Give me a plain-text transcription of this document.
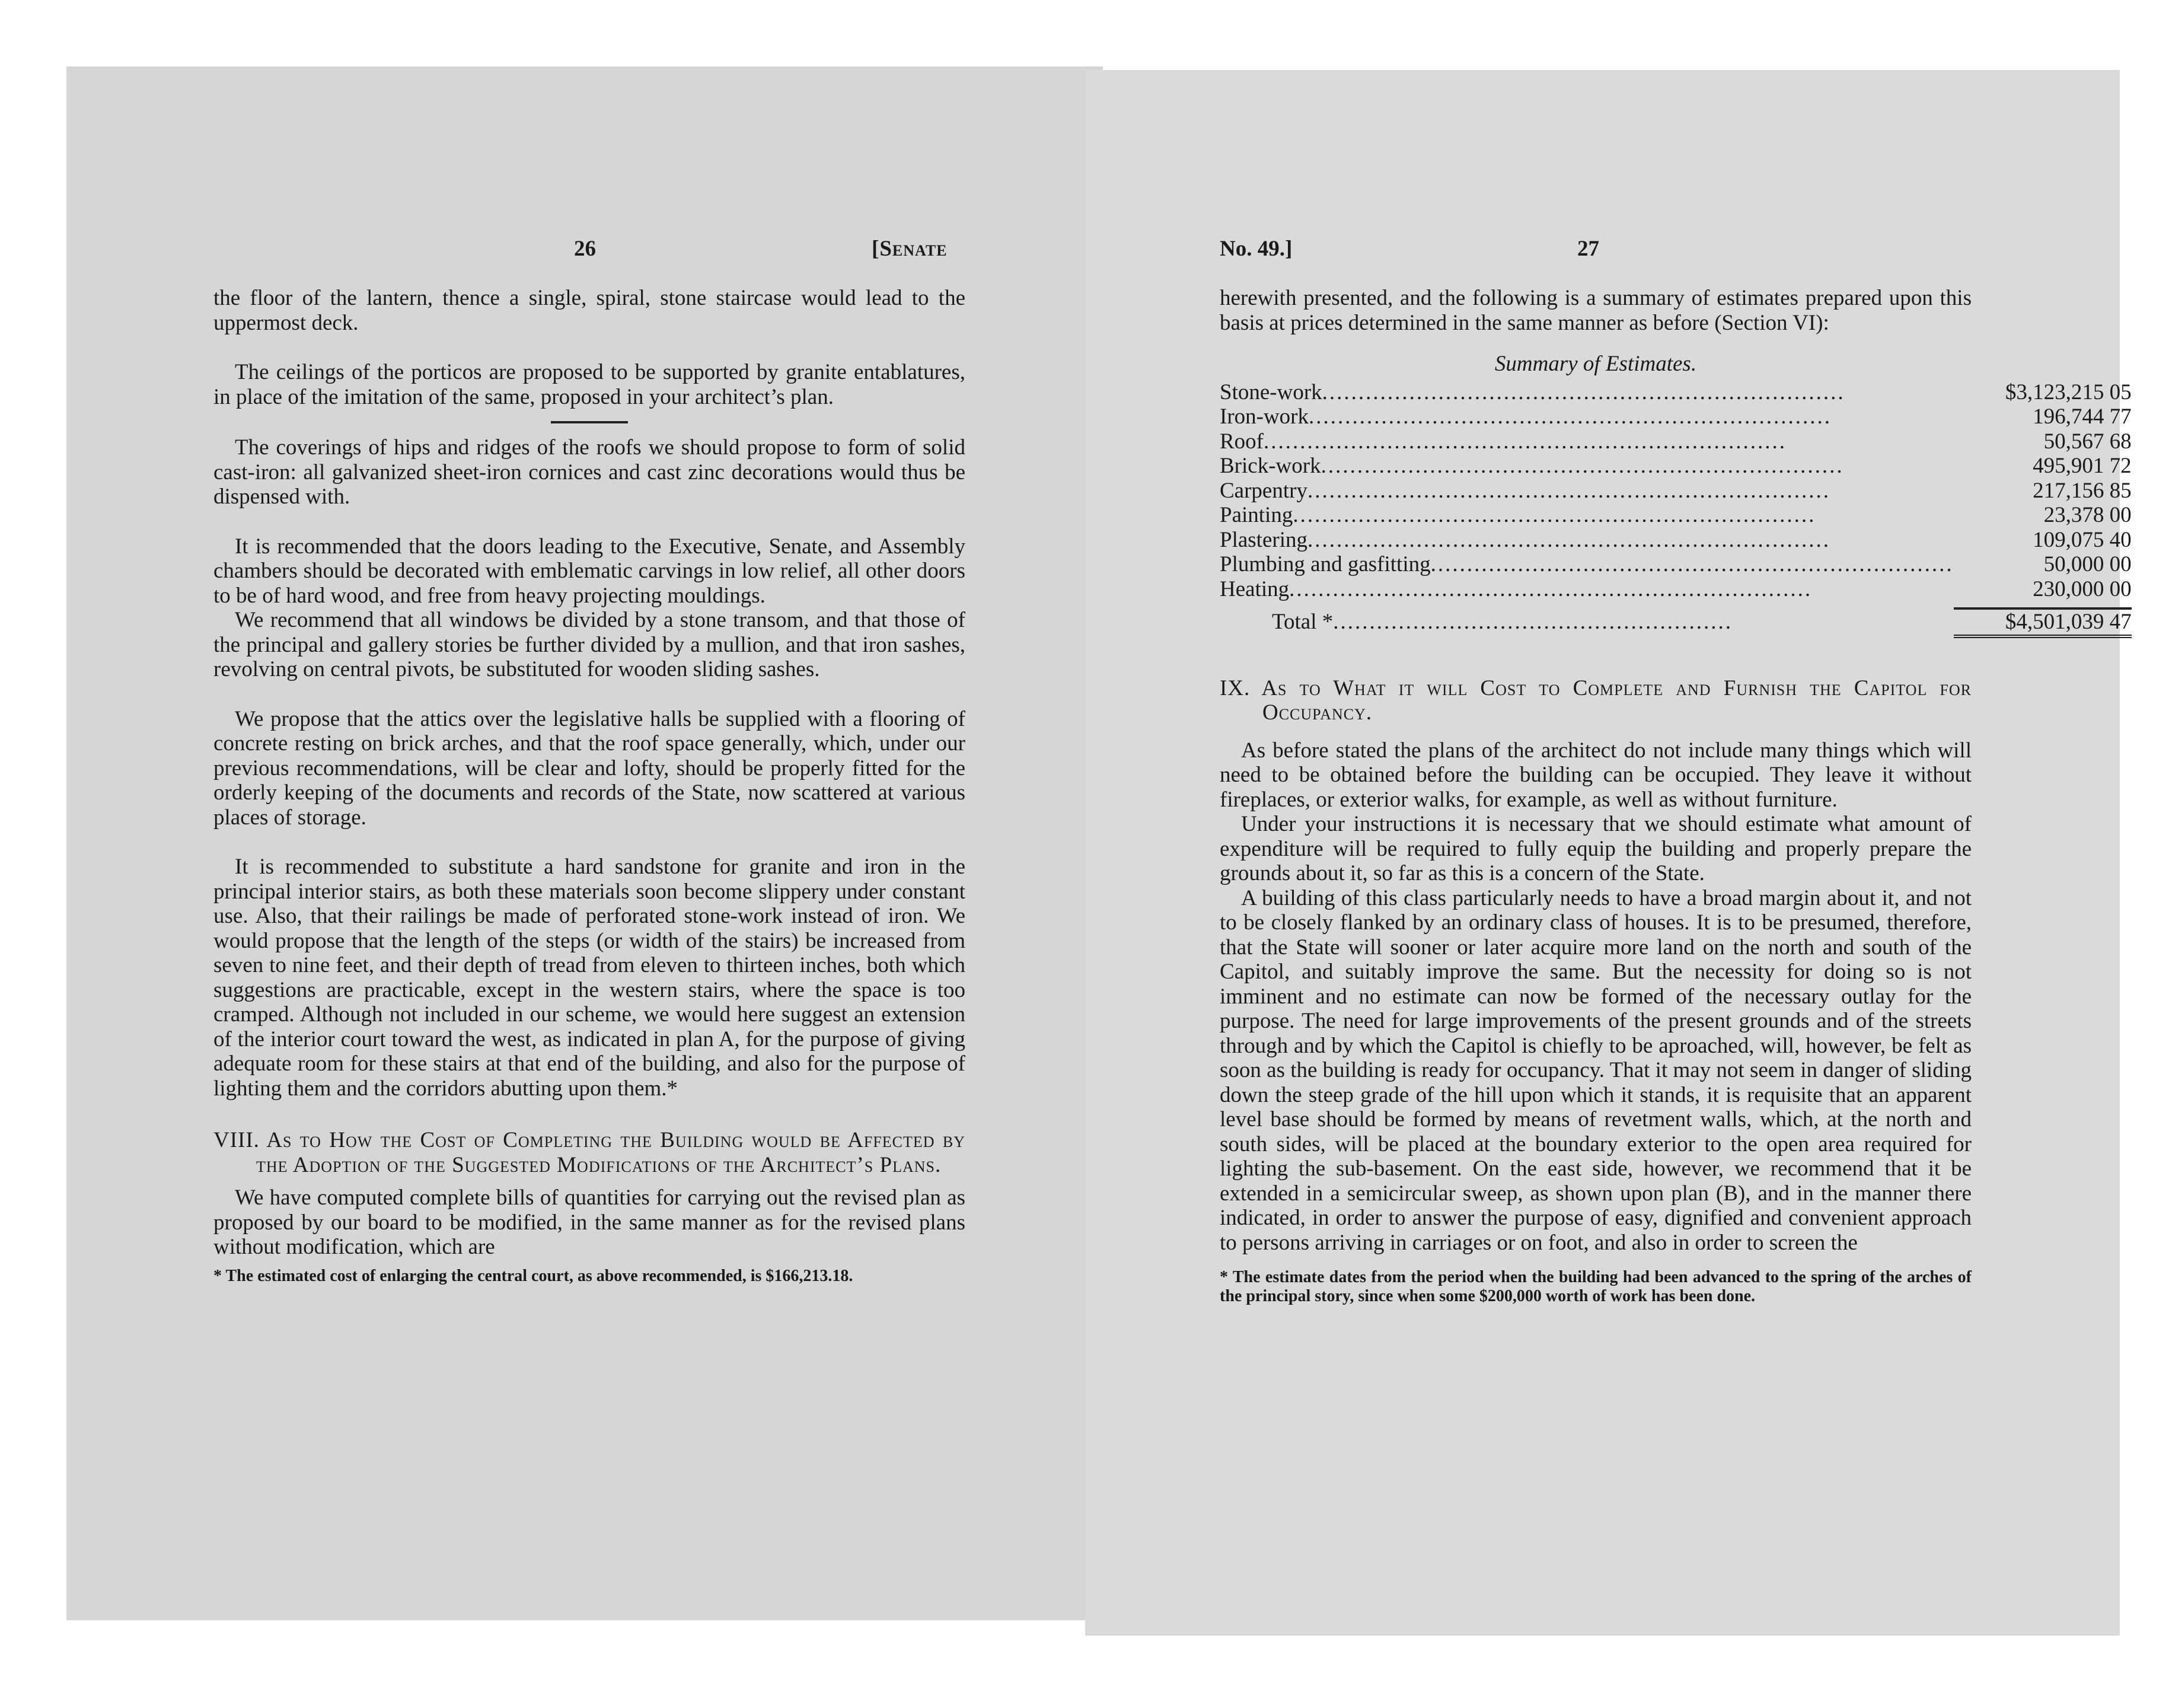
26	[Senate	No. 49.]	27

the floor of the lantern, thence a single, spiral, stone staircase would lead to the uppermost deck.

The ceilings of the porticos are proposed to be supported by granite entablatures, in place of the imitation of the same, proposed in your architect’s plan.

The coverings of hips and ridges of the roofs we should propose to form of solid cast-iron: all galvanized sheet-iron cornices and cast zinc decorations would thus be dispensed with.

It is recommended that the doors leading to the Executive, Senate, and Assembly chambers should be decorated with emblematic carvings in low relief, all other doors to be of hard wood, and free from heavy projecting mouldings.

We recommend that all windows be divided by a stone transom, and that those of the principal and gallery stories be further divided by a mullion, and that iron sashes, revolving on central pivots, be substituted for wooden sliding sashes.

We propose that the attics over the legislative halls be supplied with a flooring of concrete resting on brick arches, and that the roof space generally, which, under our previous recommendations, will be clear and lofty, should be properly fitted for the orderly keeping of the documents and records of the State, now scattered at various places of storage.

It is recommended to substitute a hard sandstone for granite and iron in the principal interior stairs, as both these materials soon become slippery under constant use. Also, that their railings be made of perforated stone-work instead of iron. We would propose that the length of the steps (or width of the stairs) be increased from seven to nine feet, and their depth of tread from eleven to thirteen inches, both which suggestions are practicable, except in the western stairs, where the space is too cramped. Although not included in our scheme, we would here suggest an extension of the interior court toward the west, as indicated in plan A, for the purpose of giving adequate room for these stairs at that end of the building, and also for the purpose of lighting them and the corridors abutting upon them.*

VIII. As to How the Cost of Completing the Building would be Affected by the Adoption of the Suggested Modifications of the Architect’s Plans.

We have computed complete bills of quantities for carrying out the revised plan as proposed by our board to be modified, in the same manner as for the revised plans without modification, which are

* The estimated cost of enlarging the central court, as above recommended, is $166,213.18.

herewith presented, and the following is a summary of estimates prepared upon this basis at prices determined in the same manner as before (Section VI):

Summary of Estimates.

Stone-work........................................................................	$3,123,215 05
Iron-work........................................................................	196,744 77
Roof........................................................................	50,567 68
Brick-work........................................................................	495,901 72
Carpentry........................................................................	217,156 85
Painting........................................................................	23,378 00
Plastering........................................................................	109,075 40
Plumbing and gasfitting........................................................................	50,000 00
Heating........................................................................	230,000 00

Total *.......................................................	$4,501,039 47

IX. As to What it will Cost to Complete and Furnish the Capitol for Occupancy.

As before stated the plans of the architect do not include many things which will need to be obtained before the building can be occupied. They leave it without fireplaces, or exterior walks, for example, as well as without furniture.

Under your instructions it is necessary that we should estimate what amount of expenditure will be required to fully equip the building and properly prepare the grounds about it, so far as this is a concern of the State.

A building of this class particularly needs to have a broad margin about it, and not to be closely flanked by an ordinary class of houses. It is to be presumed, therefore, that the State will sooner or later acquire more land on the north and south of the Capitol, and suitably improve the same. But the necessity for doing so is not imminent and no estimate can now be formed of the necessary outlay for the purpose. The need for large improvements of the present grounds and of the streets through and by which the Capitol is chiefly to be aproached, will, however, be felt as soon as the building is ready for occupancy. That it may not seem in danger of sliding down the steep grade of the hill upon which it stands, it is requisite that an apparent level base should be formed by means of revetment walls, which, at the north and south sides, will be placed at the boundary exterior to the open area required for lighting the sub-basement. On the east side, however, we recommend that it be extended in a semicircular sweep, as shown upon plan (B), and in the manner there indicated, in order to answer the purpose of easy, dignified and convenient approach to persons arriving in carriages or on foot, and also in order to screen the

* The estimate dates from the period when the building had been advanced to the spring of the arches of the principal story, since when some $200,000 worth of work has been done.
